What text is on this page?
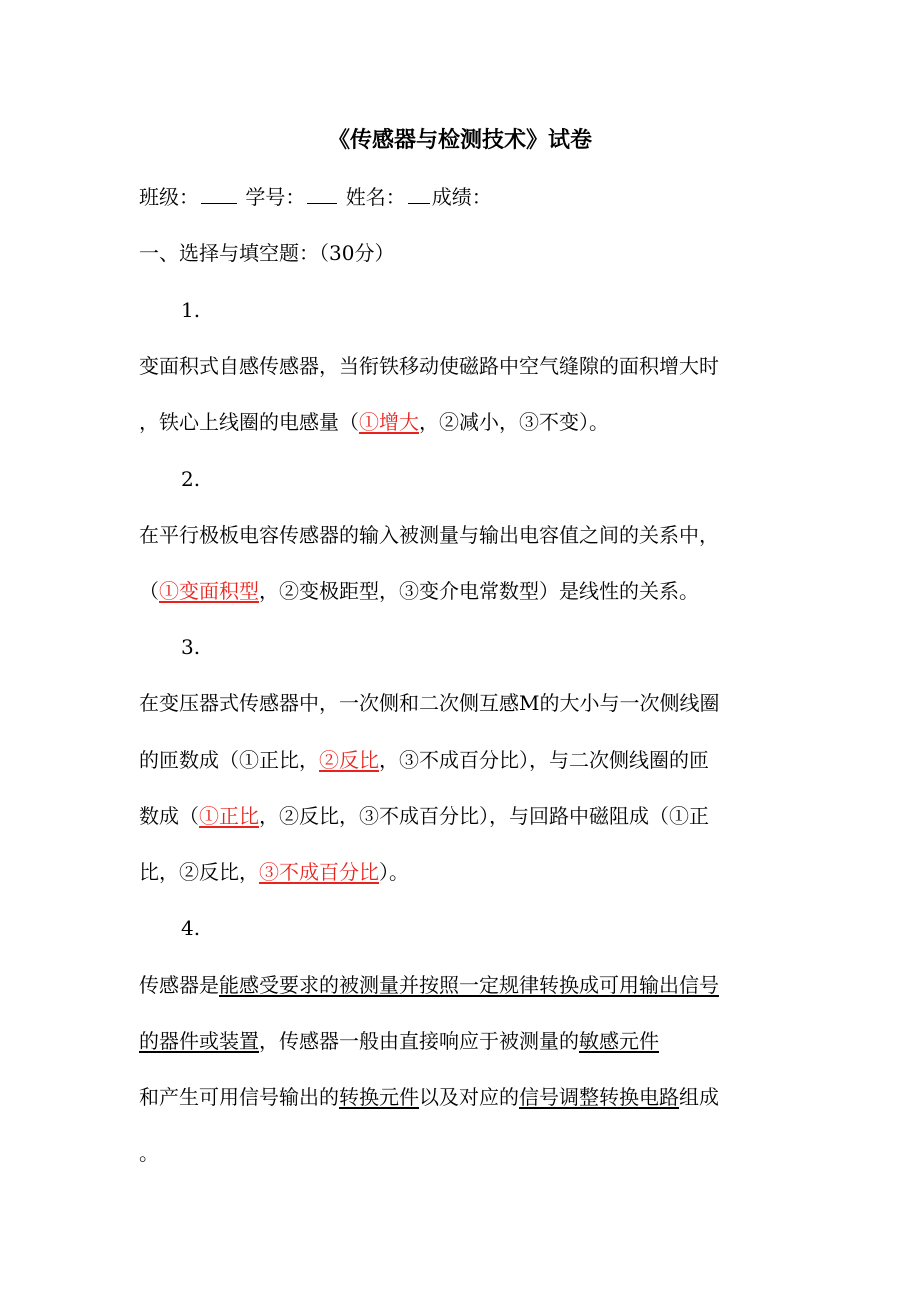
《传感器与检测技术》试卷
班级： 学号： 姓名： 成绩：
一、选择与填空题：（30分）
1.
变面积式自感传感器，当衔铁移动使磁路中空气缝隙的面积增大时
，铁心上线圈的电感量（①增大，②减小，③不变）。
2.
在平行极板电容传感器的输入被测量与输出电容值之间的关系中，
（①变面积型，②变极距型，③变介电常数型）是线性的关系。
3.
在变压器式传感器中，一次侧和二次侧互感M的大小与一次侧线圈
的匝数成（①正比，②反比，③不成百分比），与二次侧线圈的匝
数成（①正比，②反比，③不成百分比），与回路中磁阻成（①正
比，②反比，③不成百分比）。
4.
传感器是能感受要求的被测量并按照一定规律转换成可用输出信号
的器件或装置，传感器一般由直接响应于被测量的敏感元件
和产生可用信号输出的转换元件以及对应的信号调整转换电路组成
。
